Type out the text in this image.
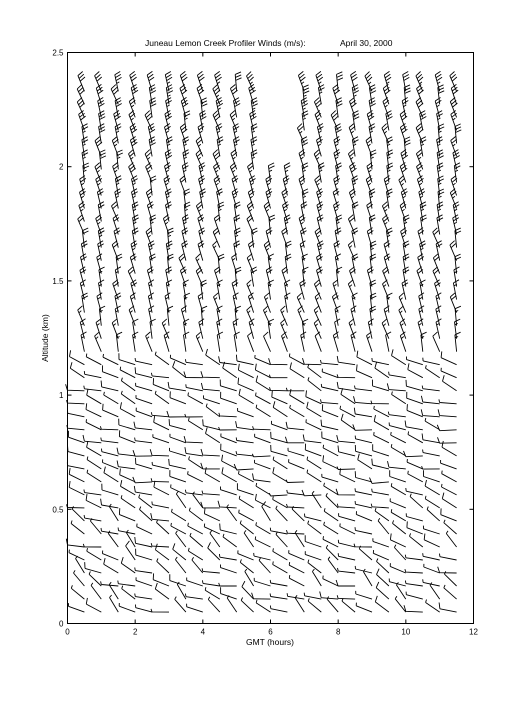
Juneau Lemon Creek Profiler Winds (m/s):	April 30, 2000
0	2	4	6	8	10	12
0
0.5
1
1.5
2
2.5
GMT (hours)
Altitude (km)
